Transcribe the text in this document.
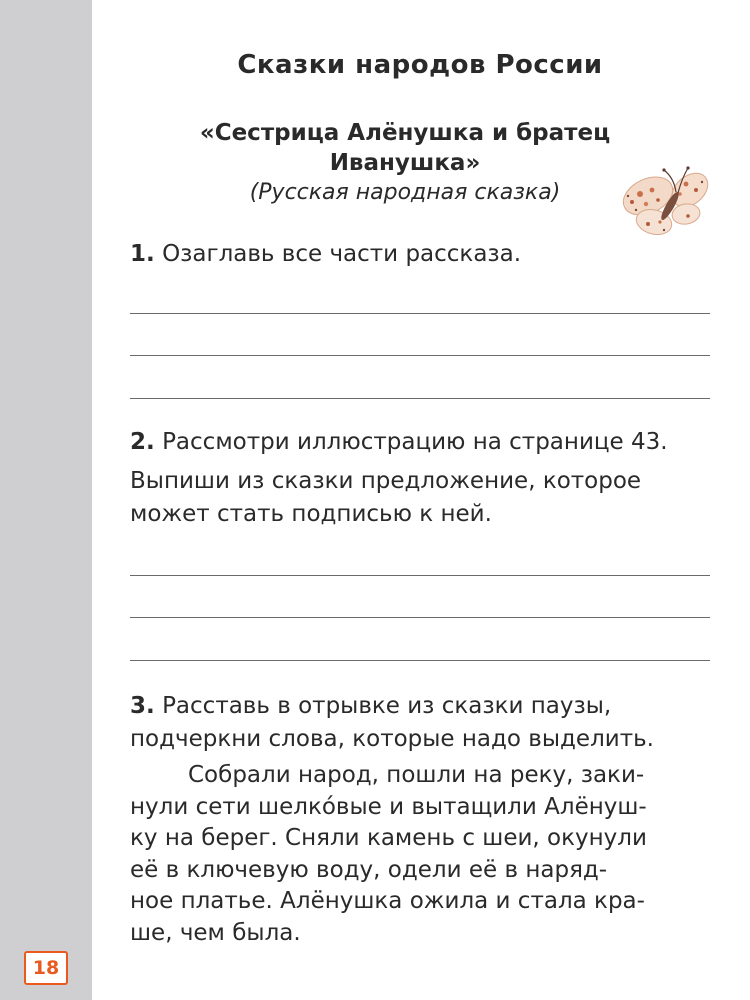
18
Сказки народов России
«Сестрица Алёнушка и братец Иванушка»
(Русская народная сказка)
1. Озаглавь все части рассказа.
2. Рассмотри иллюстрацию на странице 43.
Выпиши из сказки предложение, которое
может стать подписью к ней.
3. Расставь в отрывке из сказки паузы,
подчеркни слова, которые надо выделить.
Собрали народ, пошли на реку, заки-
нули сети шелко́вые и вытащили Алёнуш-
ку на берег. Сняли камень с шеи, окунули
её в ключевую воду, одели её в наряд-
ное платье. Алёнушка ожила и стала кра-
ше, чем была.
